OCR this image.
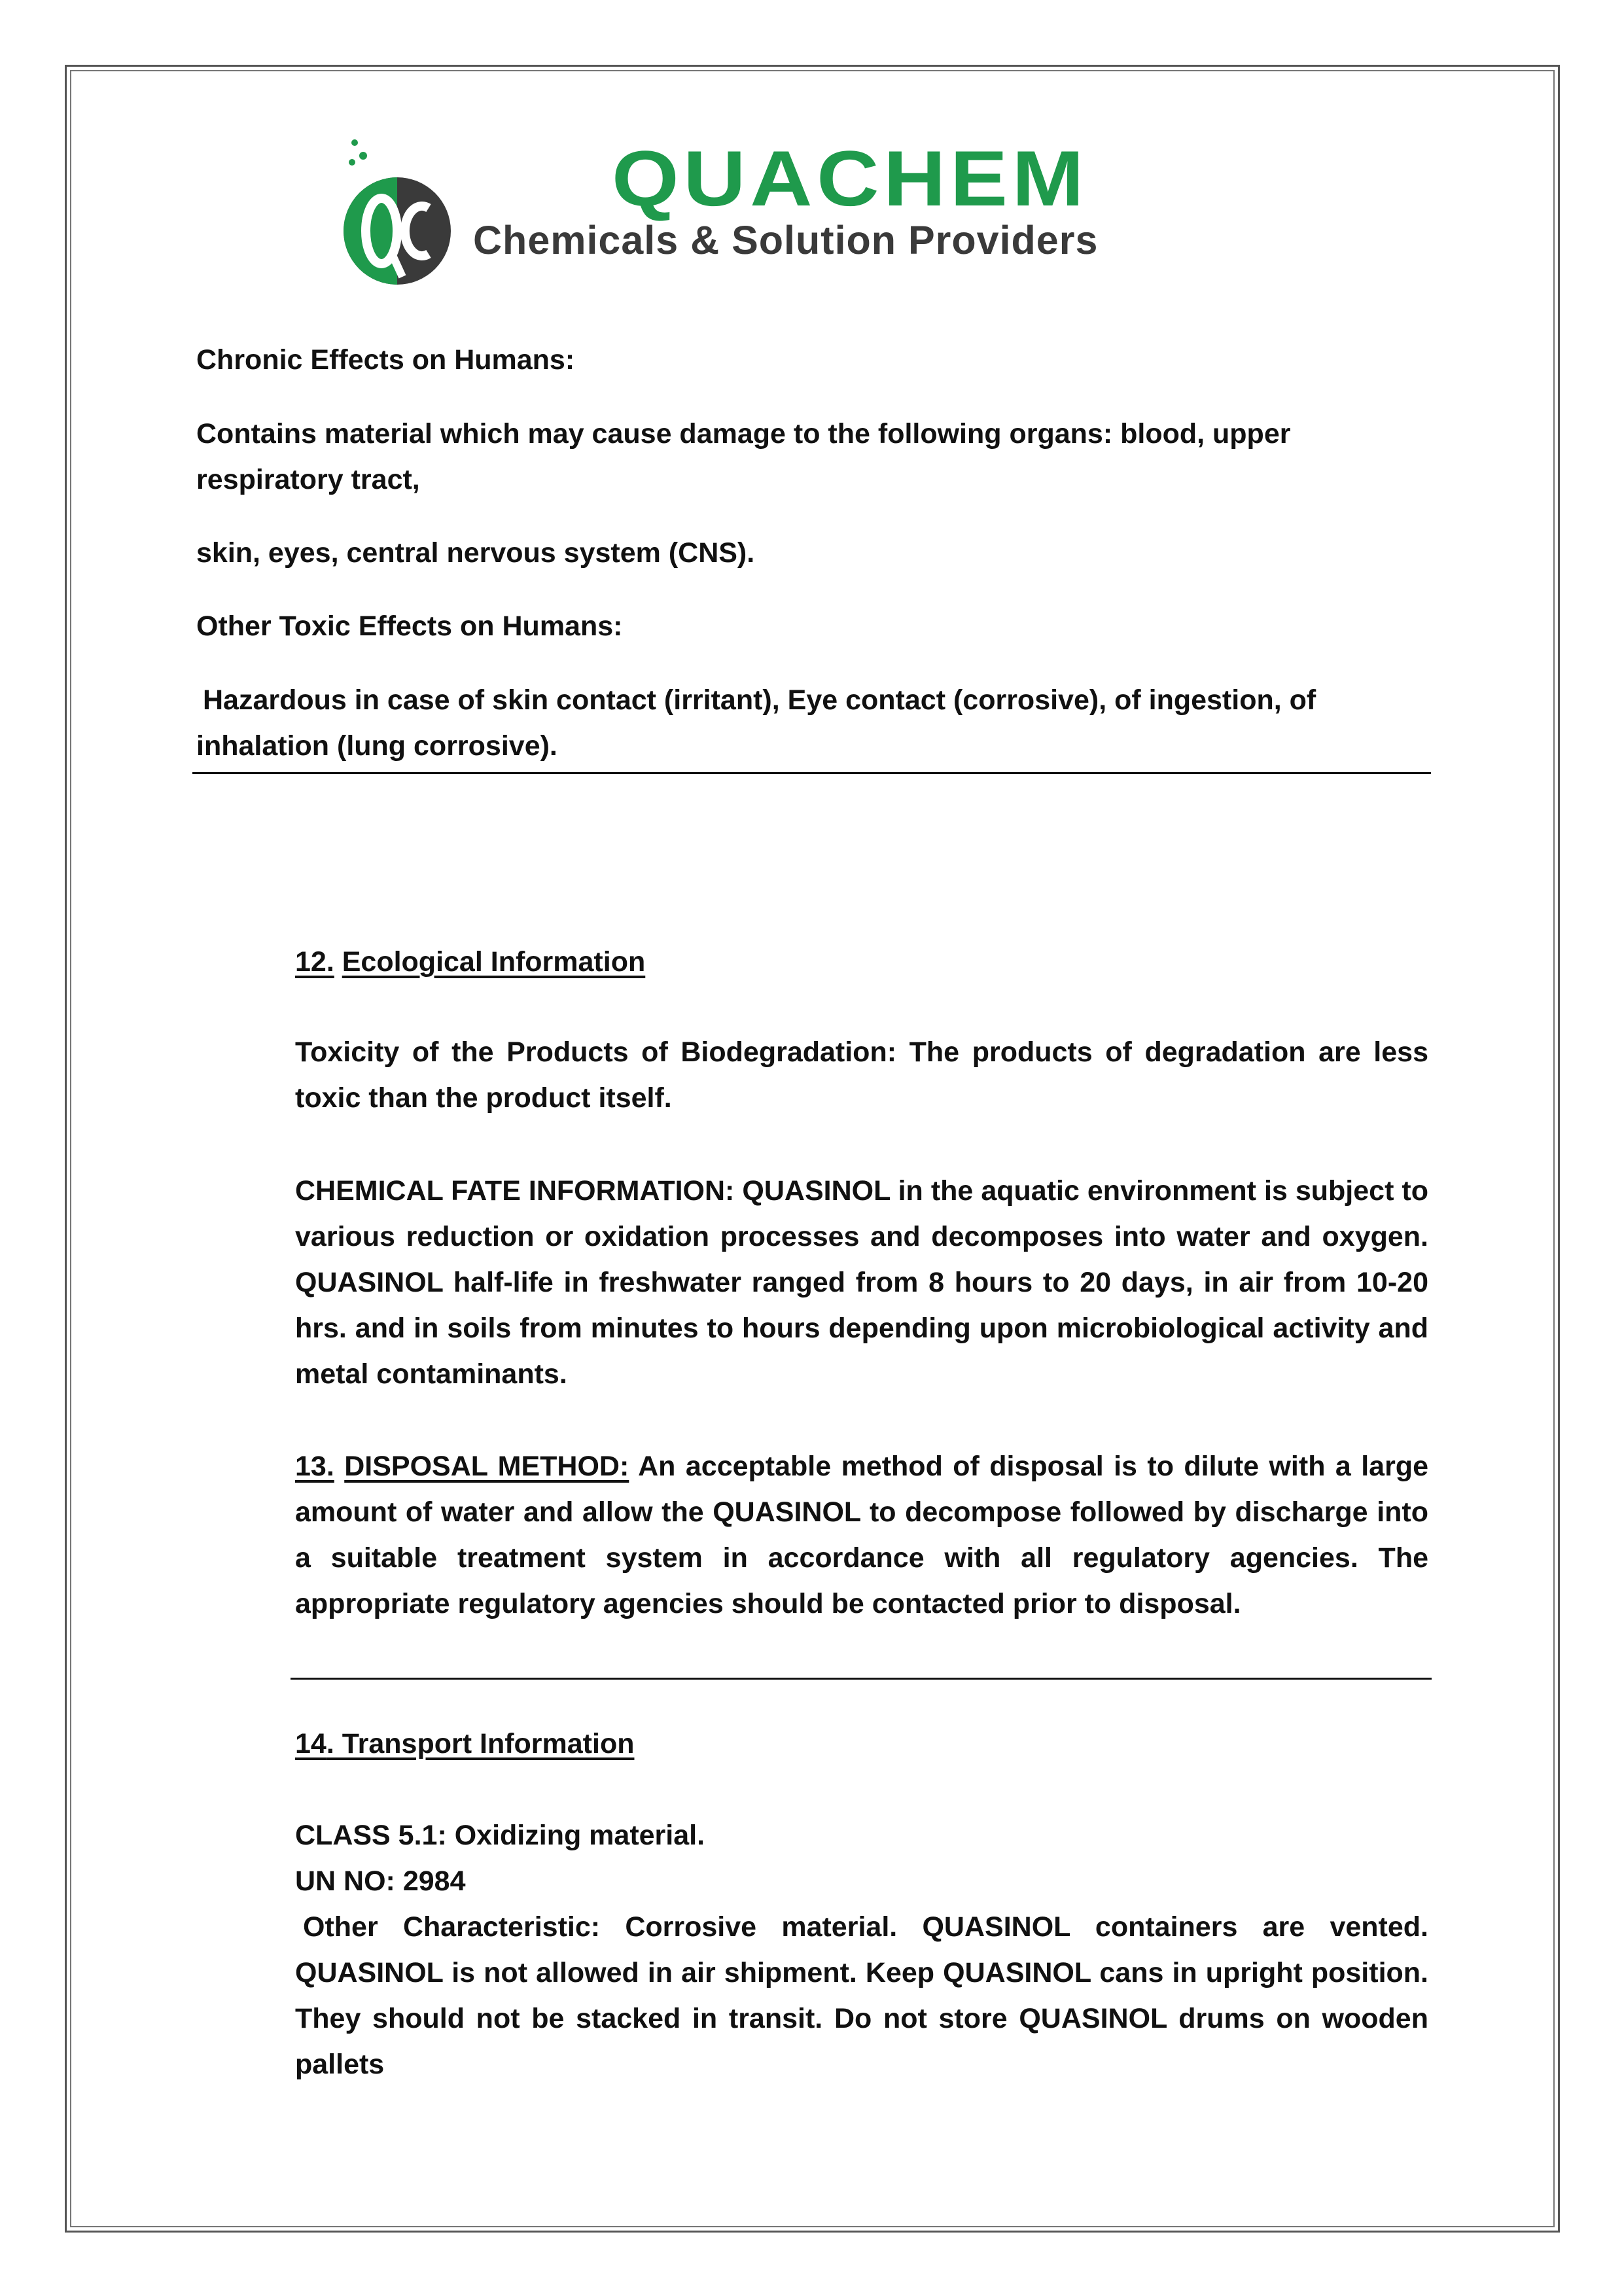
QUACHEM
Chemicals & Solution Providers

Chronic Effects on Humans:

Contains material which may cause damage to the following organs: blood, upper respiratory tract,

skin, eyes, central nervous system (CNS).

Other Toxic Effects on Humans:

Hazardous in case of skin contact (irritant), Eye contact (corrosive), of ingestion, of inhalation (lung corrosive).

12. Ecological Information

Toxicity of the Products of Biodegradation: The products of degradation are less toxic than the product itself.

CHEMICAL FATE INFORMATION: QUASINOL in the aquatic environment is subject to various reduction or oxidation processes and decomposes into water and oxygen. QUASINOL half-life in freshwater ranged from 8 hours to 20 days, in air from 10-20 hrs. and in soils from minutes to hours depending upon microbiological activity and metal contaminants.

13. DISPOSAL METHOD: An acceptable method of disposal is to dilute with a large amount of water and allow the QUASINOL to decompose followed by discharge into a suitable treatment system in accordance with all regulatory agencies. The appropriate regulatory agencies should be contacted prior to disposal.

14. Transport Information

CLASS 5.1: Oxidizing material.

UN NO: 2984

Other Characteristic: Corrosive material. QUASINOL containers are vented. QUASINOL is not allowed in air shipment. Keep QUASINOL cans in upright position. They should not be stacked in transit. Do not store QUASINOL drums on wooden pallets
